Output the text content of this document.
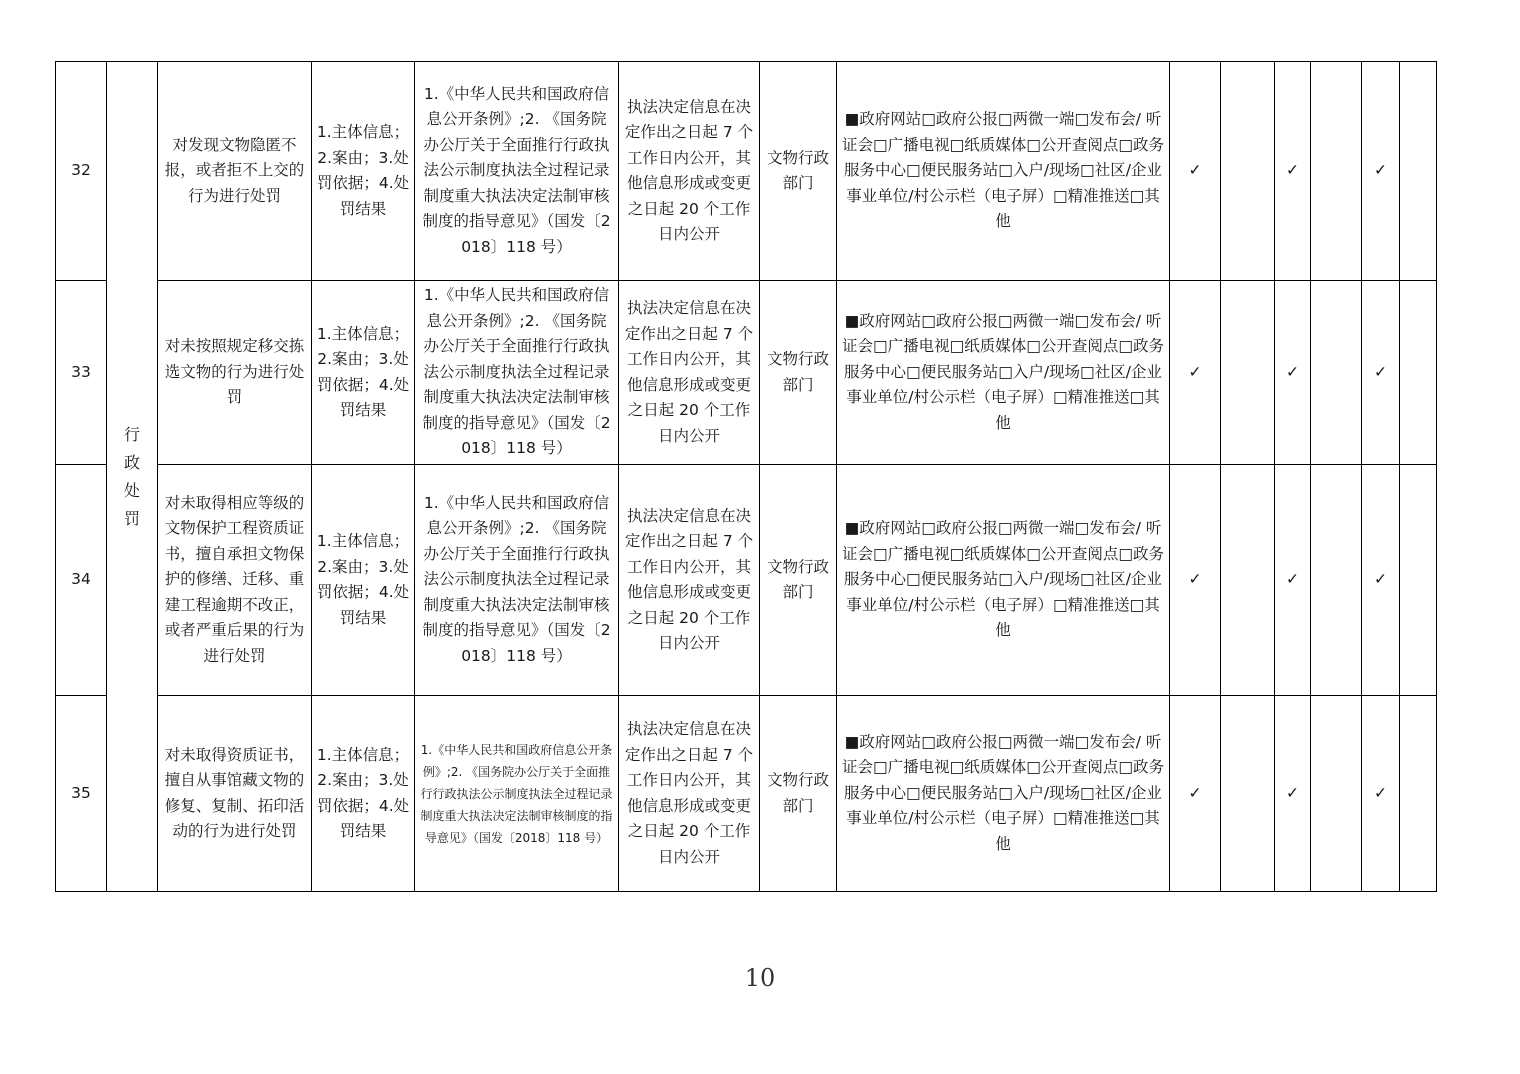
32	行政处罚	对发现文物隐匿不报，或者拒不上交的行为进行处罚	1.主体信息；2.案由；3.处罚依据；4.处罚结果	1.《中华人民共和国政府信息公开条例》;2. 《国务院办公厅关于全面推行行政执法公示制度执法全过程记录制度重大执法决定法制审核制度的指导意见》（国发〔2018〕118 号）	执法决定信息在决定作出之日起 7 个工作日内公开，其他信息形成或变更之日起 20 个工作日内公开	文物行政部门	■政府网站□政府公报□两微一端□发布会/ 听证会□广播电视□纸质媒体□公开查阅点□政务服务中心□便民服务站□入户/现场□社区/企业事业单位/村公示栏（电子屏）□精准推送□其他	✓		✓		✓	
33		对未按照规定移交拣选文物的行为进行处罚	1.主体信息；2.案由；3.处罚依据；4.处罚结果	1.《中华人民共和国政府信息公开条例》;2. 《国务院办公厅关于全面推行行政执法公示制度执法全过程记录制度重大执法决定法制审核制度的指导意见》（国发〔2018〕118 号）	执法决定信息在决定作出之日起 7 个工作日内公开，其他信息形成或变更之日起 20 个工作日内公开	文物行政部门	■政府网站□政府公报□两微一端□发布会/ 听证会□广播电视□纸质媒体□公开查阅点□政务服务中心□便民服务站□入户/现场□社区/企业事业单位/村公示栏（电子屏）□精准推送□其他	✓		✓		✓	
34		对未取得相应等级的文物保护工程资质证书，擅自承担文物保护的修缮、迁移、重建工程逾期不改正，或者严重后果的行为进行处罚	1.主体信息；2.案由；3.处罚依据；4.处罚结果	1.《中华人民共和国政府信息公开条例》;2. 《国务院办公厅关于全面推行行政执法公示制度执法全过程记录制度重大执法决定法制审核制度的指导意见》（国发〔2018〕118 号）	执法决定信息在决定作出之日起 7 个工作日内公开，其他信息形成或变更之日起 20 个工作日内公开	文物行政部门	■政府网站□政府公报□两微一端□发布会/ 听证会□广播电视□纸质媒体□公开查阅点□政务服务中心□便民服务站□入户/现场□社区/企业事业单位/村公示栏（电子屏）□精准推送□其他	✓		✓		✓	
35		对未取得资质证书，擅自从事馆藏文物的修复、复制、拓印活动的行为进行处罚	1.主体信息；2.案由；3.处罚依据；4.处罚结果	1.《中华人民共和国政府信息公开条例》;2. 《国务院办公厅关于全面推行行政执法公示制度执法全过程记录制度重大执法决定法制审核制度的指导意见》（国发〔2018〕118 号）	执法决定信息在决定作出之日起 7 个工作日内公开，其他信息形成或变更之日起 20 个工作日内公开	文物行政部门	■政府网站□政府公报□两微一端□发布会/ 听证会□广播电视□纸质媒体□公开查阅点□政务服务中心□便民服务站□入户/现场□社区/企业事业单位/村公示栏（电子屏）□精准推送□其他	✓		✓		✓	
10
